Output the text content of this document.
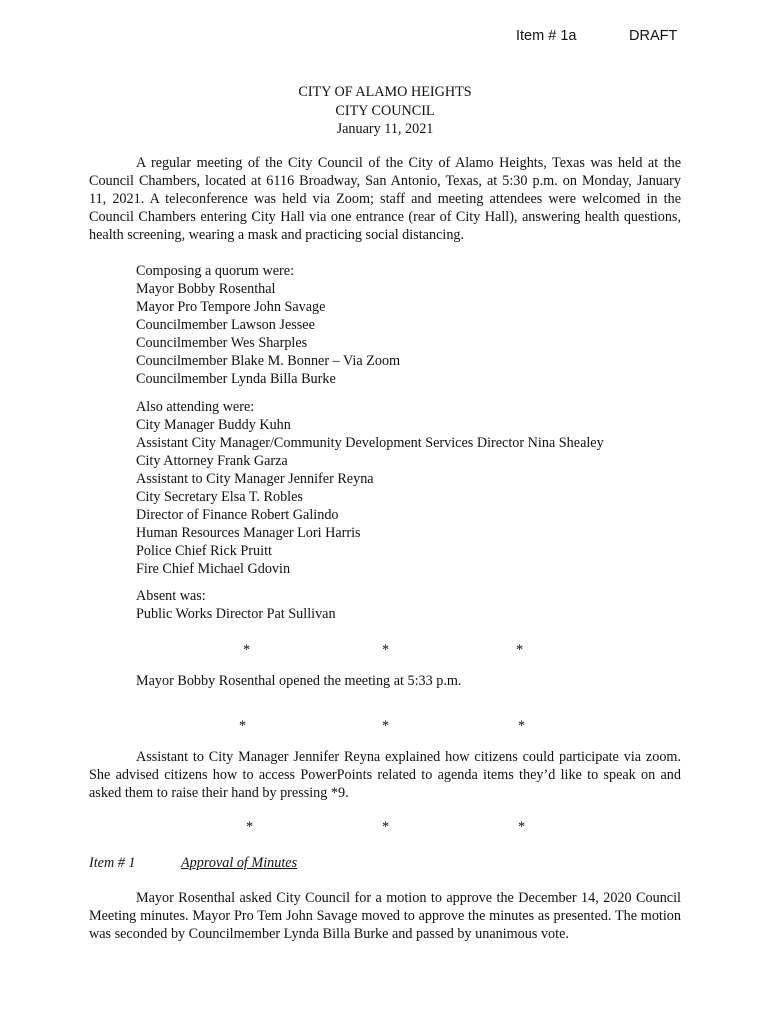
Item # 1a	DRAFT
CITY OF ALAMO HEIGHTS
CITY COUNCIL
January 11, 2021
A regular meeting of the City Council of the City of Alamo Heights, Texas was held at the Council Chambers, located at 6116 Broadway, San Antonio, Texas, at 5:30 p.m. on Monday, January 11, 2021. A teleconference was held via Zoom; staff and meeting attendees were welcomed in the Council Chambers entering City Hall via one entrance (rear of City Hall), answering health questions, health screening, wearing a mask and practicing social distancing.
Composing a quorum were:
Mayor Bobby Rosenthal
Mayor Pro Tempore John Savage
Councilmember Lawson Jessee
Councilmember Wes Sharples
Councilmember Blake M. Bonner – Via Zoom
Councilmember Lynda Billa Burke
Also attending were:
City Manager Buddy Kuhn
Assistant City Manager/Community Development Services Director Nina Shealey
City Attorney Frank Garza
Assistant to City Manager Jennifer Reyna
City Secretary Elsa T. Robles
Director of Finance Robert Galindo
Human Resources Manager Lori Harris
Police Chief Rick Pruitt
Fire Chief Michael Gdovin
Absent was:
Public Works Director Pat Sullivan
*	*	*
Mayor Bobby Rosenthal opened the meeting at 5:33 p.m.
*	*	*
Assistant to City Manager Jennifer Reyna explained how citizens could participate via zoom. She advised citizens how to access PowerPoints related to agenda items they’d like to speak on and asked them to raise their hand by pressing *9.
*	*	*
Item # 1	Approval of Minutes
Mayor Rosenthal asked City Council for a motion to approve the December 14, 2020 Council Meeting minutes. Mayor Pro Tem John Savage moved to approve the minutes as presented. The motion was seconded by Councilmember Lynda Billa Burke and passed by unanimous vote.
